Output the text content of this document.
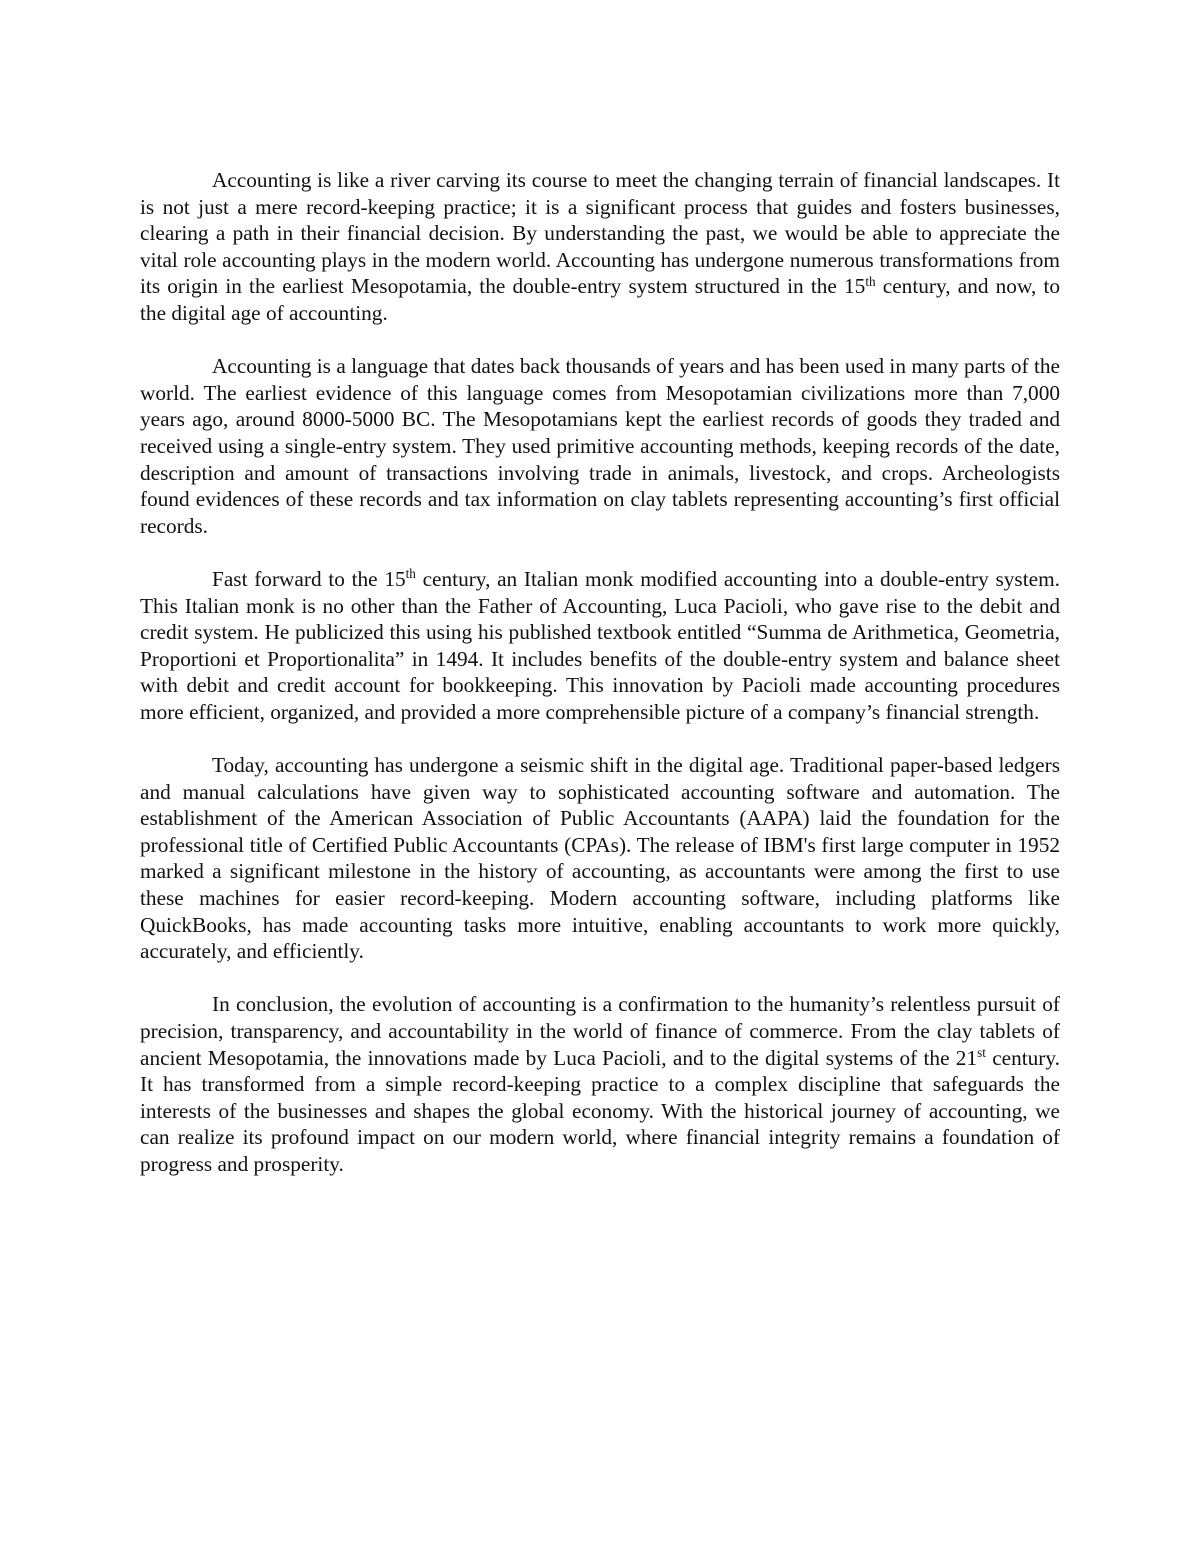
Accounting is like a river carving its course to meet the changing terrain of financial landscapes. It is not just a mere record-keeping practice; it is a significant process that guides and fosters businesses, clearing a path in their financial decision. By understanding the past, we would be able to appreciate the vital role accounting plays in the modern world. Accounting has undergone numerous transformations from its origin in the earliest Mesopotamia, the double-entry system structured in the 15th century, and now, to the digital age of accounting.

Accounting is a language that dates back thousands of years and has been used in many parts of the world. The earliest evidence of this language comes from Mesopotamian civilizations more than 7,000 years ago, around 8000-5000 BC. The Mesopotamians kept the earliest records of goods they traded and received using a single-entry system. They used primitive accounting methods, keeping records of the date, description and amount of transactions involving trade in animals, livestock, and crops. Archeologists found evidences of these records and tax information on clay tablets representing accounting’s first official records.

Fast forward to the 15th century, an Italian monk modified accounting into a double-entry system. This Italian monk is no other than the Father of Accounting, Luca Pacioli, who gave rise to the debit and credit system. He publicized this using his published textbook entitled “Summa de Arithmetica, Geometria, Proportioni et Proportionalita” in 1494. It includes benefits of the double-entry system and balance sheet with debit and credit account for bookkeeping. This innovation by Pacioli made accounting procedures more efficient, organized, and provided a more comprehensible picture of a company’s financial strength.

Today, accounting has undergone a seismic shift in the digital age. Traditional paper-based ledgers and manual calculations have given way to sophisticated accounting software and automation. The establishment of the American Association of Public Accountants (AAPA) laid the foundation for the professional title of Certified Public Accountants (CPAs). The release of IBM's first large computer in 1952 marked a significant milestone in the history of accounting, as accountants were among the first to use these machines for easier record-keeping. Modern accounting software, including platforms like QuickBooks, has made accounting tasks more intuitive, enabling accountants to work more quickly, accurately, and efficiently.

In conclusion, the evolution of accounting is a confirmation to the humanity’s relentless pursuit of precision, transparency, and accountability in the world of finance of commerce. From the clay tablets of ancient Mesopotamia, the innovations made by Luca Pacioli, and to the digital systems of the 21st century. It has transformed from a simple record-keeping practice to a complex discipline that safeguards the interests of the businesses and shapes the global economy. With the historical journey of accounting, we can realize its profound impact on our modern world, where financial integrity remains a foundation of progress and prosperity.
